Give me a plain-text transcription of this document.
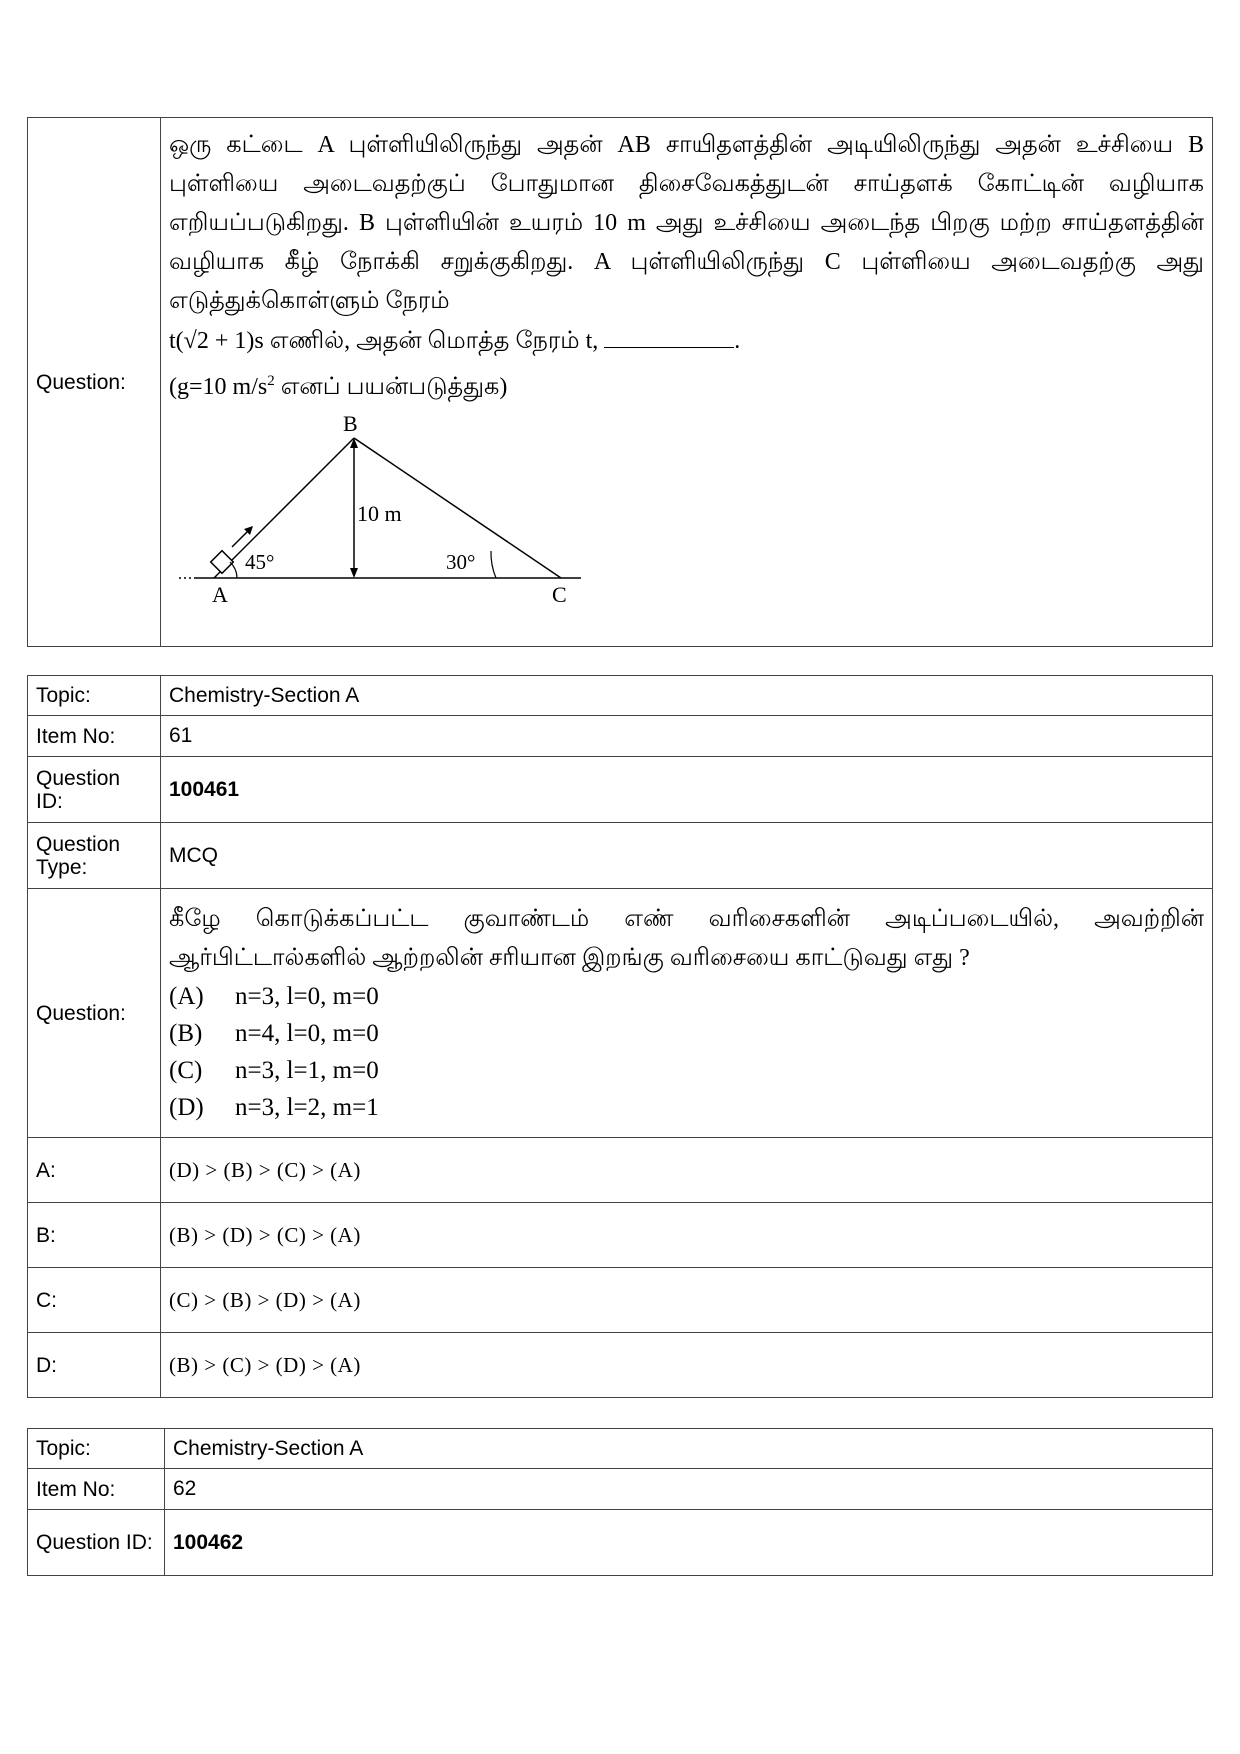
Question:	
ஒரு கட்டை A புள்ளியிலிருந்து அதன் AB சாயிதளத்தின் அடியிலிருந்து அதன் உச்சியை B புள்ளியை அடைவதற்குப் போதுமான திசைவேகத்துடன் சாய்தளக் கோட்டின் வழியாக எறியப்படுகிறது. B புள்ளியின் உயரம் 10 m அது உச்சியை அடைந்த பிறகு மற்ற சாய்தளத்தின் வழியாக கீழ் நோக்கி சறுக்குகிறது. A புள்ளியிலிருந்து C புள்ளியை அடைவதற்கு அது எடுத்துக்கொள்ளும் நேரம்
t(√2 + 1)s எணில், அதன் மொத்த நேரம் t,	.
(g=10 $m/s^2$ எனப் பயன்படுத்துக)
B
A	C
10 m
45°	30°
Topic:	Chemistry-Section A
Item No:	61
Question ID:	100461
Question Type:	MCQ
Question:	கீழே கொடுக்கப்பட்ட குவாண்டம் எண் வரிசைகளின் அடிப்படையில், அவற்றின் ஆர்பிட்டால்களில் ஆற்றலின் சரியான இறங்கு வரிசையை காட்டுவது எது ?
(A) n=3, l=0, m=0
(B) n=4, l=0, m=0
(C) n=3, l=1, m=0
(D) n=3, l=2, m=1

A:	(D) > (B) > (C) > (A)
B:	(B) > (D) > (C) > (A)
C:	(C) > (B) > (D) > (A)
D:	(B) > (C) > (D) > (A)
Topic:	Chemistry-Section A
Item No:	62
Question ID:	100462
